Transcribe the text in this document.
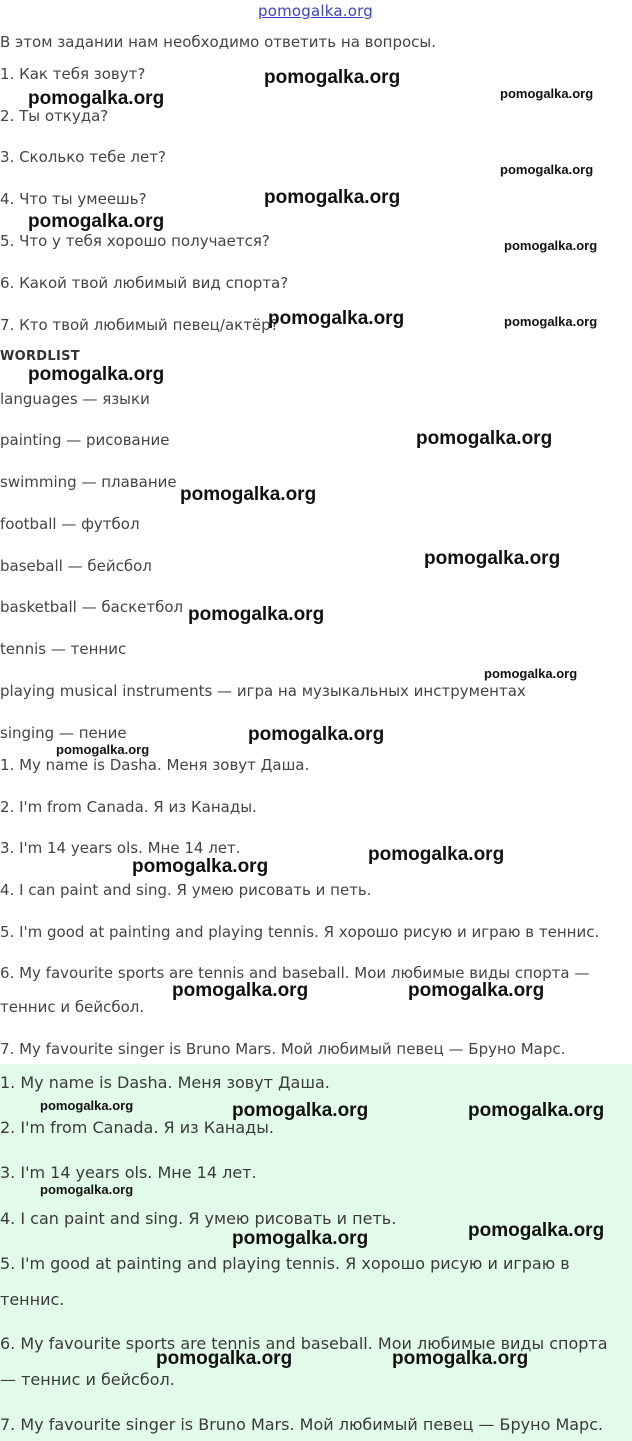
pomogalka.org
В этом задании нам необходимо ответить на вопросы.
1. Как тебя зовут?
2. Ты откуда?
3. Сколько тебе лет?
4. Что ты умеешь?
5. Что у тебя хорошо получается?
6. Какой твой любимый вид спорта?
7. Кто твой любимый певец/актёр?
WORDLIST
languages — языки
painting — рисование
swimming — плавание
football — футбол
baseball — бейсбол
basketball — баскетбол
tennis — теннис
playing musical instruments — игра на музыкальных инструментах
singing — пение
1. My name is Dasha. Меня зовут Даша.
2. I'm from Canada. Я из Канады.
3. I'm 14 years ols. Мне 14 лет.
4. I can paint and sing. Я умею рисовать и петь.
5. I'm good at painting and playing tennis. Я хорошо рисую и играю в теннис.
6. My favourite sports are tennis and baseball. Мои любимые виды спорта —
теннис и бейсбол.
7. My favourite singer is Bruno Mars. Мой любимый певец — Бруно Марс.
1. My name is Dasha. Меня зовут Даша.
2. I'm from Canada. Я из Канады.
3. I'm 14 years ols. Мне 14 лет.
4. I can paint and sing. Я умею рисовать и петь.
5. I'm good at painting and playing tennis. Я хорошо рисую и играю в
теннис.
6. My favourite sports are tennis and baseball. Мои любимые виды спорта
— теннис и бейсбол.
7. My favourite singer is Bruno Mars. Мой любимый певец — Бруно Марс.
pomogalka.org
pomogalka.org	pomogalka.org
pomogalka.org
pomogalka.org
pomogalka.org
pomogalka.org
pomogalka.org	pomogalka.org
pomogalka.org
pomogalka.org
pomogalka.org
pomogalka.org
pomogalka.org
pomogalka.org
pomogalka.org
pomogalka.org
pomogalka.org
pomogalka.org
pomogalka.org	pomogalka.org
pomogalka.org	pomogalka.org	pomogalka.org
pomogalka.org
pomogalka.org
pomogalka.org
pomogalka.org	pomogalka.org
